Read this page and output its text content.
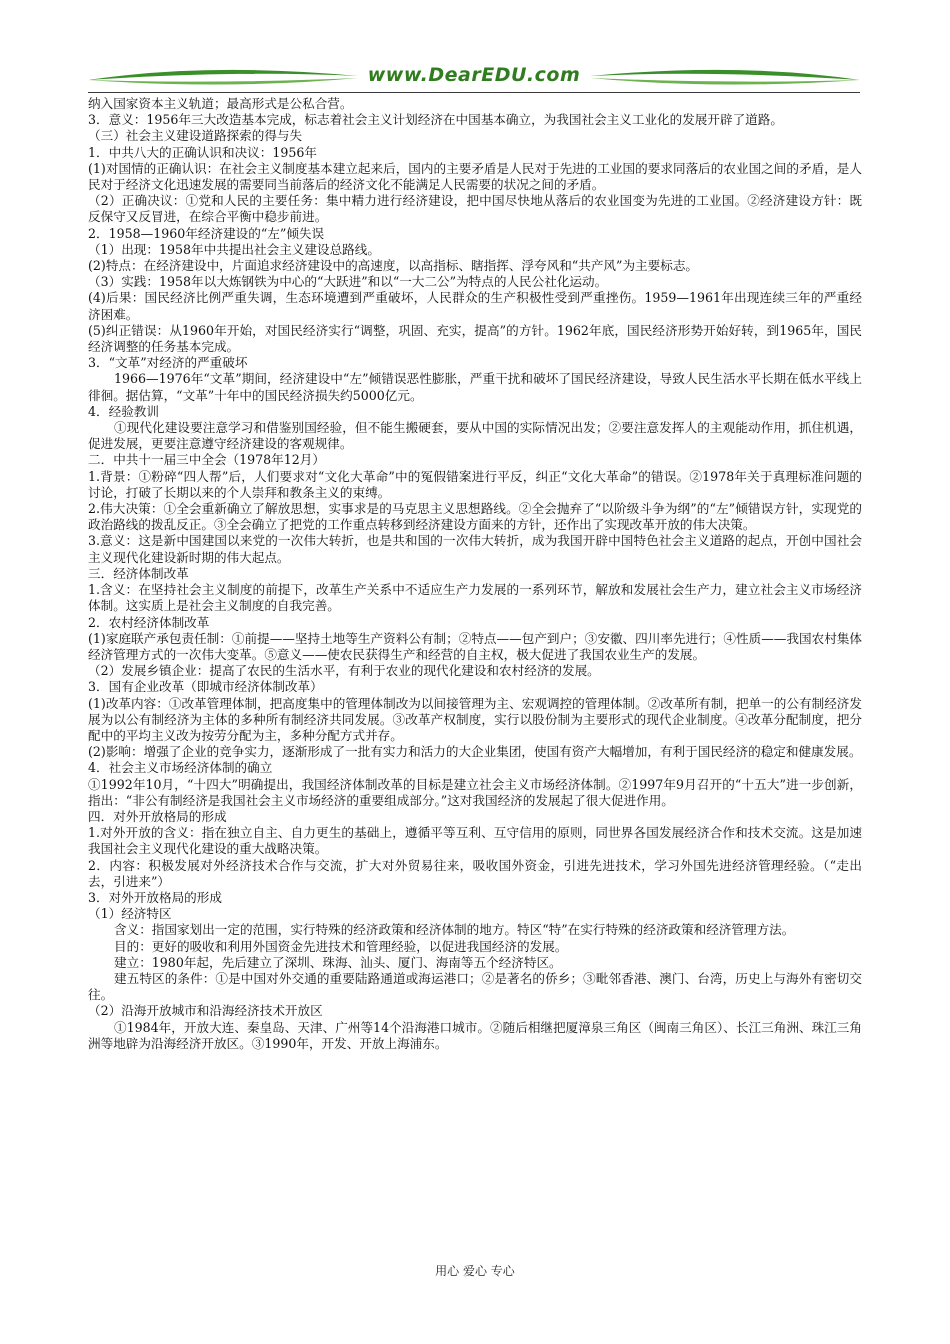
www.DearEDU.com

纳入国家资本主义轨道；最高形式是公私合营。

3．意义：1956年三大改造基本完成，标志着社会主义计划经济在中国基本确立，为我国社会主义工业化的发展开辟了道路。

（三）社会主义建设道路探索的得与失

1．中共八大的正确认识和决议：1956年

(1)对国情的正确认识：在社会主义制度基本建立起来后，国内的主要矛盾是人民对于先进的工业国的要求同落后的农业国之间的矛盾，是人民对于经济文化迅速发展的需要同当前落后的经济文化不能满足人民需要的状况之间的矛盾。

（2）正确决议：①党和人民的主要任务：集中精力进行经济建设，把中国尽快地从落后的农业国变为先进的工业国。②经济建设方针：既反保守又反冒进，在综合平衡中稳步前进。

2．1958—1960年经济建设的“左”倾失误

（1）出现：1958年中共提出社会主义建设总路线。

(2)特点：在经济建设中，片面追求经济建设中的高速度，以高指标、瞎指挥、浮夸风和“共产风”为主要标志。

（3）实践：1958年以大炼钢铁为中心的“大跃进”和以“一大二公”为特点的人民公社化运动。

(4)后果：国民经济比例严重失调，生态环境遭到严重破坏，人民群众的生产积极性受到严重挫伤。1959—1961年出现连续三年的严重经济困难。

(5)纠正错误：从1960年开始，对国民经济实行“调整，巩固、充实，提高”的方针。1962年底，国民经济形势开始好转，到1965年，国民经济调整的任务基本完成。

3．“文革”对经济的严重破坏

1966—1976年“文革”期间，经济建设中“左”倾错误恶性膨胀，严重干扰和破坏了国民经济建设，导致人民生活水平长期在低水平线上徘徊。据估算，“文革”十年中的国民经济损失约5000亿元。

4．经验教训

①现代化建设要注意学习和借鉴别国经验，但不能生搬硬套，要从中国的实际情况出发；②要注意发挥人的主观能动作用，抓住机遇，促进发展，更要注意遵守经济建设的客观规律。

二．中共十一届三中全会（1978年12月）

1.背景：①粉碎“四人帮”后，人们要求对“文化大革命”中的冤假错案进行平反，纠正“文化大革命”的错误。②1978年关于真理标准问题的讨论，打破了长期以来的个人崇拜和教条主义的束缚。

2.伟大决策：①全会重新确立了解放思想，实事求是的马克思主义思想路线。②全会抛弃了“以阶级斗争为纲”的“左”倾错误方针，实现党的政治路线的拨乱反正。③全会确立了把党的工作重点转移到经济建设方面来的方针，还作出了实现改革开放的伟大决策。

3.意义：这是新中国建国以来党的一次伟大转折，也是共和国的一次伟大转折，成为我国开辟中国特色社会主义道路的起点，开创中国社会主义现代化建设新时期的伟大起点。

三．经济体制改革

1.含义：在坚持社会主义制度的前提下，改革生产关系中不适应生产力发展的一系列环节，解放和发展社会生产力，建立社会主义市场经济体制。这实质上是社会主义制度的自我完善。

2．农村经济体制改革

(1)家庭联产承包责任制：①前提——坚持土地等生产资料公有制；②特点——包产到户；③安徽、四川率先进行；④性质——我国农村集体经济管理方式的一次伟大变革。⑤意义——使农民获得生产和经营的自主权，极大促进了我国农业生产的发展。

（2）发展乡镇企业：提高了农民的生活水平，有利于农业的现代化建设和农村经济的发展。

3．国有企业改革（即城市经济体制改革）

(1)改革内容：①改革管理体制，把高度集中的管理体制改为以间接管理为主、宏观调控的管理体制。②改革所有制，把单一的公有制经济发展为以公有制经济为主体的多种所有制经济共同发展。③改革产权制度，实行以股份制为主要形式的现代企业制度。④改革分配制度，把分配中的平均主义改为按劳分配为主，多种分配方式并存。

(2)影响：增强了企业的竞争实力，逐渐形成了一批有实力和活力的大企业集团，使国有资产大幅增加，有利于国民经济的稳定和健康发展。

4．社会主义市场经济体制的确立

①1992年10月，“十四大”明确提出，我国经济体制改革的目标是建立社会主义市场经济体制。②1997年9月召开的“十五大”进一步创新，指出：“非公有制经济是我国社会主义市场经济的重要组成部分。”这对我国经济的发展起了很大促进作用。

四．对外开放格局的形成

1.对外开放的含义：指在独立自主、自力更生的基础上，遵循平等互利、互守信用的原则，同世界各国发展经济合作和技术交流。这是加速我国社会主义现代化建设的重大战略决策。

2．内容：积极发展对外经济技术合作与交流，扩大对外贸易往来，吸收国外资金，引进先进技术，学习外国先进经济管理经验。（“走出去，引进来”）

3．对外开放格局的形成

（1）经济特区

含义：指国家划出一定的范围，实行特殊的经济政策和经济体制的地方。特区“特”在实行特殊的经济政策和经济管理方法。

目的：更好的吸收和利用外国资金先进技术和管理经验，以促进我国经济的发展。

建立：1980年起，先后建立了深圳、珠海、汕头、厦门、海南等五个经济特区。

建五特区的条件：①是中国对外交通的重要陆路通道或海运港口；②是著名的侨乡；③毗邻香港、澳门、台湾，历史上与海外有密切交往。

（2）沿海开放城市和沿海经济技术开放区

①1984年，开放大连、秦皇岛、天津、广州等14个沿海港口城市。②随后相继把厦漳泉三角区（闽南三角区）、长江三角洲、珠江三角洲等地辟为沿海经济开放区。③1990年，开发、开放上海浦东。

用心 爱心 专心
